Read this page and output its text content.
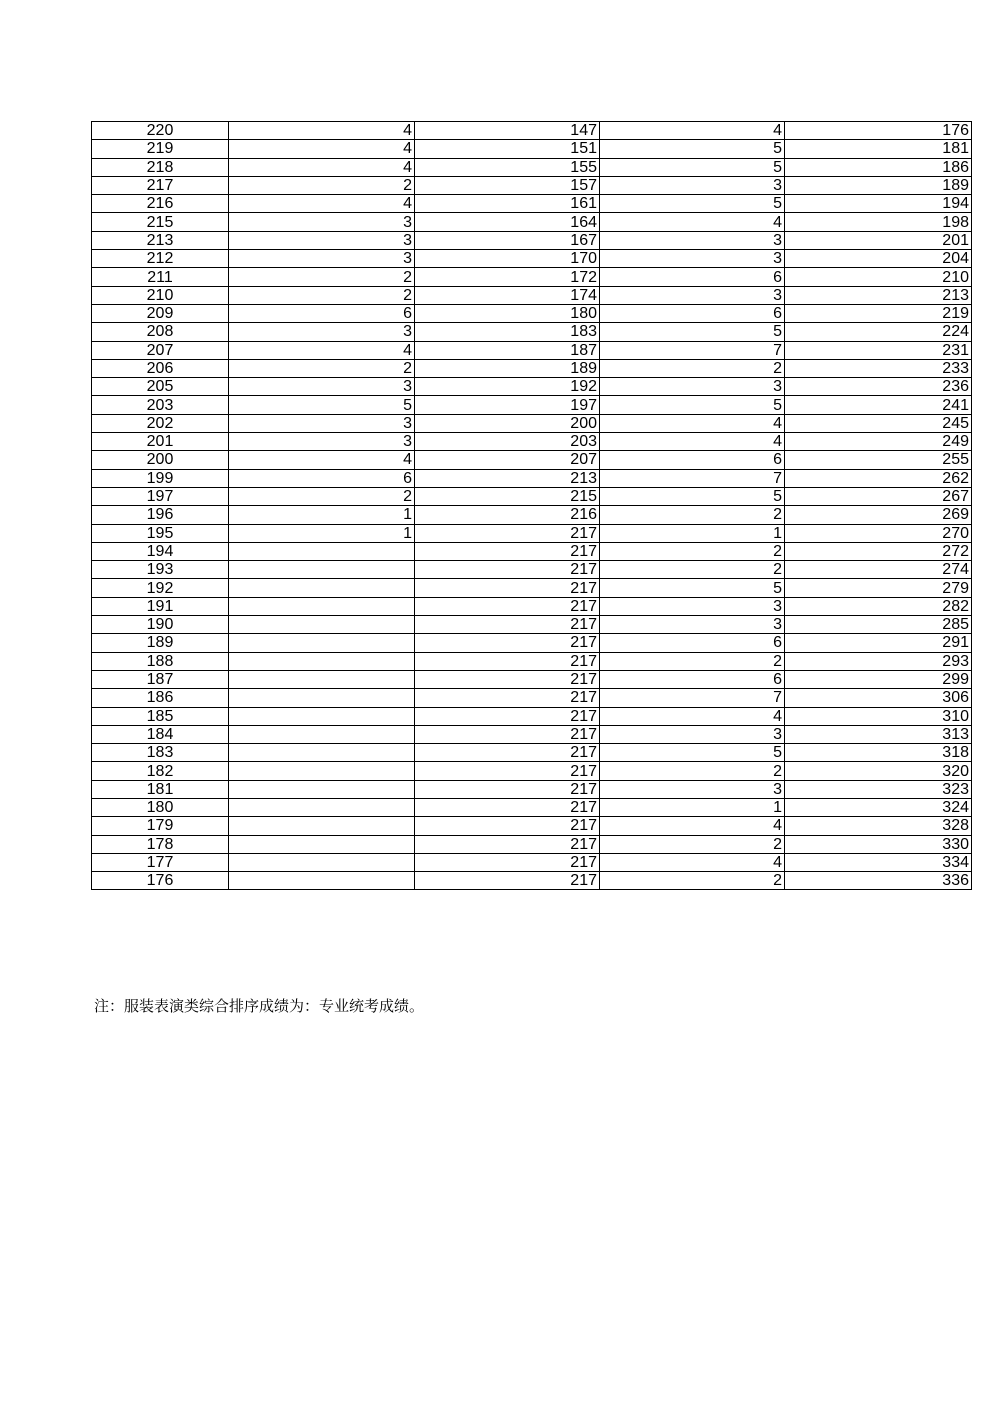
220	4	147	4	176
219	4	151	5	181
218	4	155	5	186
217	2	157	3	189
216	4	161	5	194
215	3	164	4	198
213	3	167	3	201
212	3	170	3	204
211	2	172	6	210
210	2	174	3	213
209	6	180	6	219
208	3	183	5	224
207	4	187	7	231
206	2	189	2	233
205	3	192	3	236
203	5	197	5	241
202	3	200	4	245
201	3	203	4	249
200	4	207	6	255
199	6	213	7	262
197	2	215	5	267
196	1	216	2	269
195	1	217	1	270
194		217	2	272
193		217	2	274
192		217	5	279
191		217	3	282
190		217	3	285
189		217	6	291
188		217	2	293
187		217	6	299
186		217	7	306
185		217	4	310
184		217	3	313
183		217	5	318
182		217	2	320
181		217	3	323
180		217	1	324
179		217	4	328
178		217	2	330
177		217	4	334
176		217	2	336
注：服装表演类综合排序成绩为：专业统考成绩。
